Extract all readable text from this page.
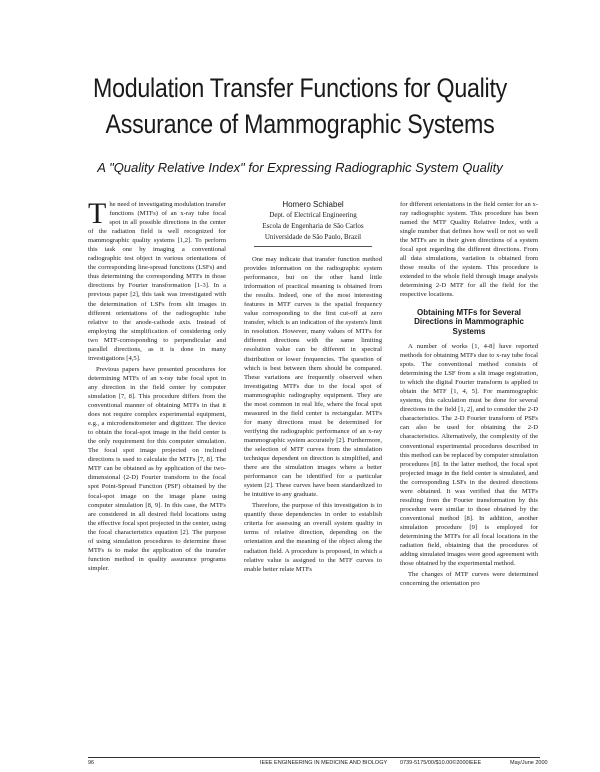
Modulation Transfer Functions for Quality
Assurance of Mammographic Systems
A "Quality Relative Index" for Expressing Radiographic System Quality

The need of investigating modulation transfer functions (MTFs) of an x-ray tube focal spot in all possible directions in the center of the radiation field is well recognized for mammographic quality systems [1,2]. To perform this task one by imaging a conventional radiographic test object in various orientations of the corresponding line-spread functions (LSFs) and thus determining the corresponding MTFs in those directions by Fourier transformation [1-3]. In a previous paper [2], this task was investigated with the determination of LSFs from slit images in different orientations of the radiographic tube relative to the anode-cathode axis. Instead of employing the simplification of considering only two MTF-corresponding to perpendicular and parallel directions, as it is done in many investigations [4,5].

Previous papers have presented procedures for determining MTFs of an x-ray tube focal spot in any direction in the field center by computer simulation [7, 8]. This procedure differs from the conventional manner of obtaining MTFs in that it does not require complex experimental equipment, e.g., a microdensitometer and digitizer. The device to obtain the focal-spot image in the field center is the only requirement for this computer simulation. The focal spot image projected on inclined directions is used to calculate the MTFs [7, 8]. The MTF can be obtained as by application of the two-dimensional (2-D) Fourier transform to the focal spot Point-Spread Function (PSF) obtained by the focal-spot image on the image plane using computer simulation [8, 9]. In this case, the MTFs are considered in all desired field locations using the effective focal spot projected in the center, using the focal characteristics equation [2]. The purpose of using simulation procedures to determine these MTFs is to make the application of the transfer function method in quality assurance programs simpler.

Homero Schiabel
Dept. of Electrical Engineering
Escola de Engenharia de São Carlos
Universidade de São Paulo, Brazil

One may indicate that transfer function method provides information on the radiographic system performance, but on the other hand little information of practical meaning is obtained from the results. Indeed, one of the most interesting features in MTF curves is the spatial frequency value corresponding to the first cut-off at zero transfer, which is an indication of the system's limit in resolution. However, many values of MTFs for different directions with the same limiting resolution value can be different in spectral distribution or lower frequencies. The question of which is best between them should be compared. These variations are frequently observed when investigating MTFs due to the focal spot of mammographic radiography equipment. They are the most common in real life, where the focal spot measured in the field center is rectangular. MTFs for many directions must be determined for verifying the radiographic performance of an x-ray mammographic system accurately [2]. Furthermore, the selection of MTF curves from the simulation technique dependent on direction is simplified, and there are the simulation images where a better performance can be identified for a particular system [2]. These curves have been standardized to be intuitive to any graduate.

Therefore, the purpose of this investigation is to quantify these dependencies in order to establish criteria for assessing an overall system quality in terms of relative direction, depending on the orientation and the meaning of the object along the radiation field. A procedure is proposed, in which a relative value is assigned to the MTF curves to enable better relate MTFs

for different orientations in the field center for an x-ray radiographic system. This procedure has been named the MTF Quality Relative Index, with a single number that defines how well or not so well the MTFs are in their given directions of a system focal spot regarding the different directions. From all data simulations, variation is obtained from those results of the system. This procedure is extended to the whole field through image analysis determining 2-D MTF for all the field for the respective locations.

Obtaining MTFs for Several Directions in Mammographic Systems

A number of works [1, 4-8] have reported methods for obtaining MTFs due to x-ray tube focal spots. The conventional method consists of determining the LSF from a slit image registration, to which the digital Fourier transform is applied to obtain the MTF [1, 4, 5]. For mammographic systems, this calculation must be done for several directions in the field [1, 2], and to consider the 2-D characteristics. The 2-D Fourier transform of PSFs can also be used for obtaining the 2-D characteristics. Alternatively, the complexity of the conventional experimental procedures described in this method can be replaced by computer simulation procedures [8]. In the latter method, the focal spot projected image in the field center is simulated, and the corresponding LSFs in the desired directions were obtained. It was verified that the MTFs resulting from the Fourier transformation by this procedure were similar to those obtained by the conventional method [8]. In addition, another simulation procedure [9] is employed for determining the MTFs for all focal locations in the radiation field, obtaining that the procedures of adding simulated images were good agreement with those obtained by the experimental method.

The changes of MTF curves were determined concerning the orientation pro

96	IEEE ENGINEERING IN MEDICINE AND BIOLOGY 0739-5175/00/$10.00©2000IEEE	May/June 2000
